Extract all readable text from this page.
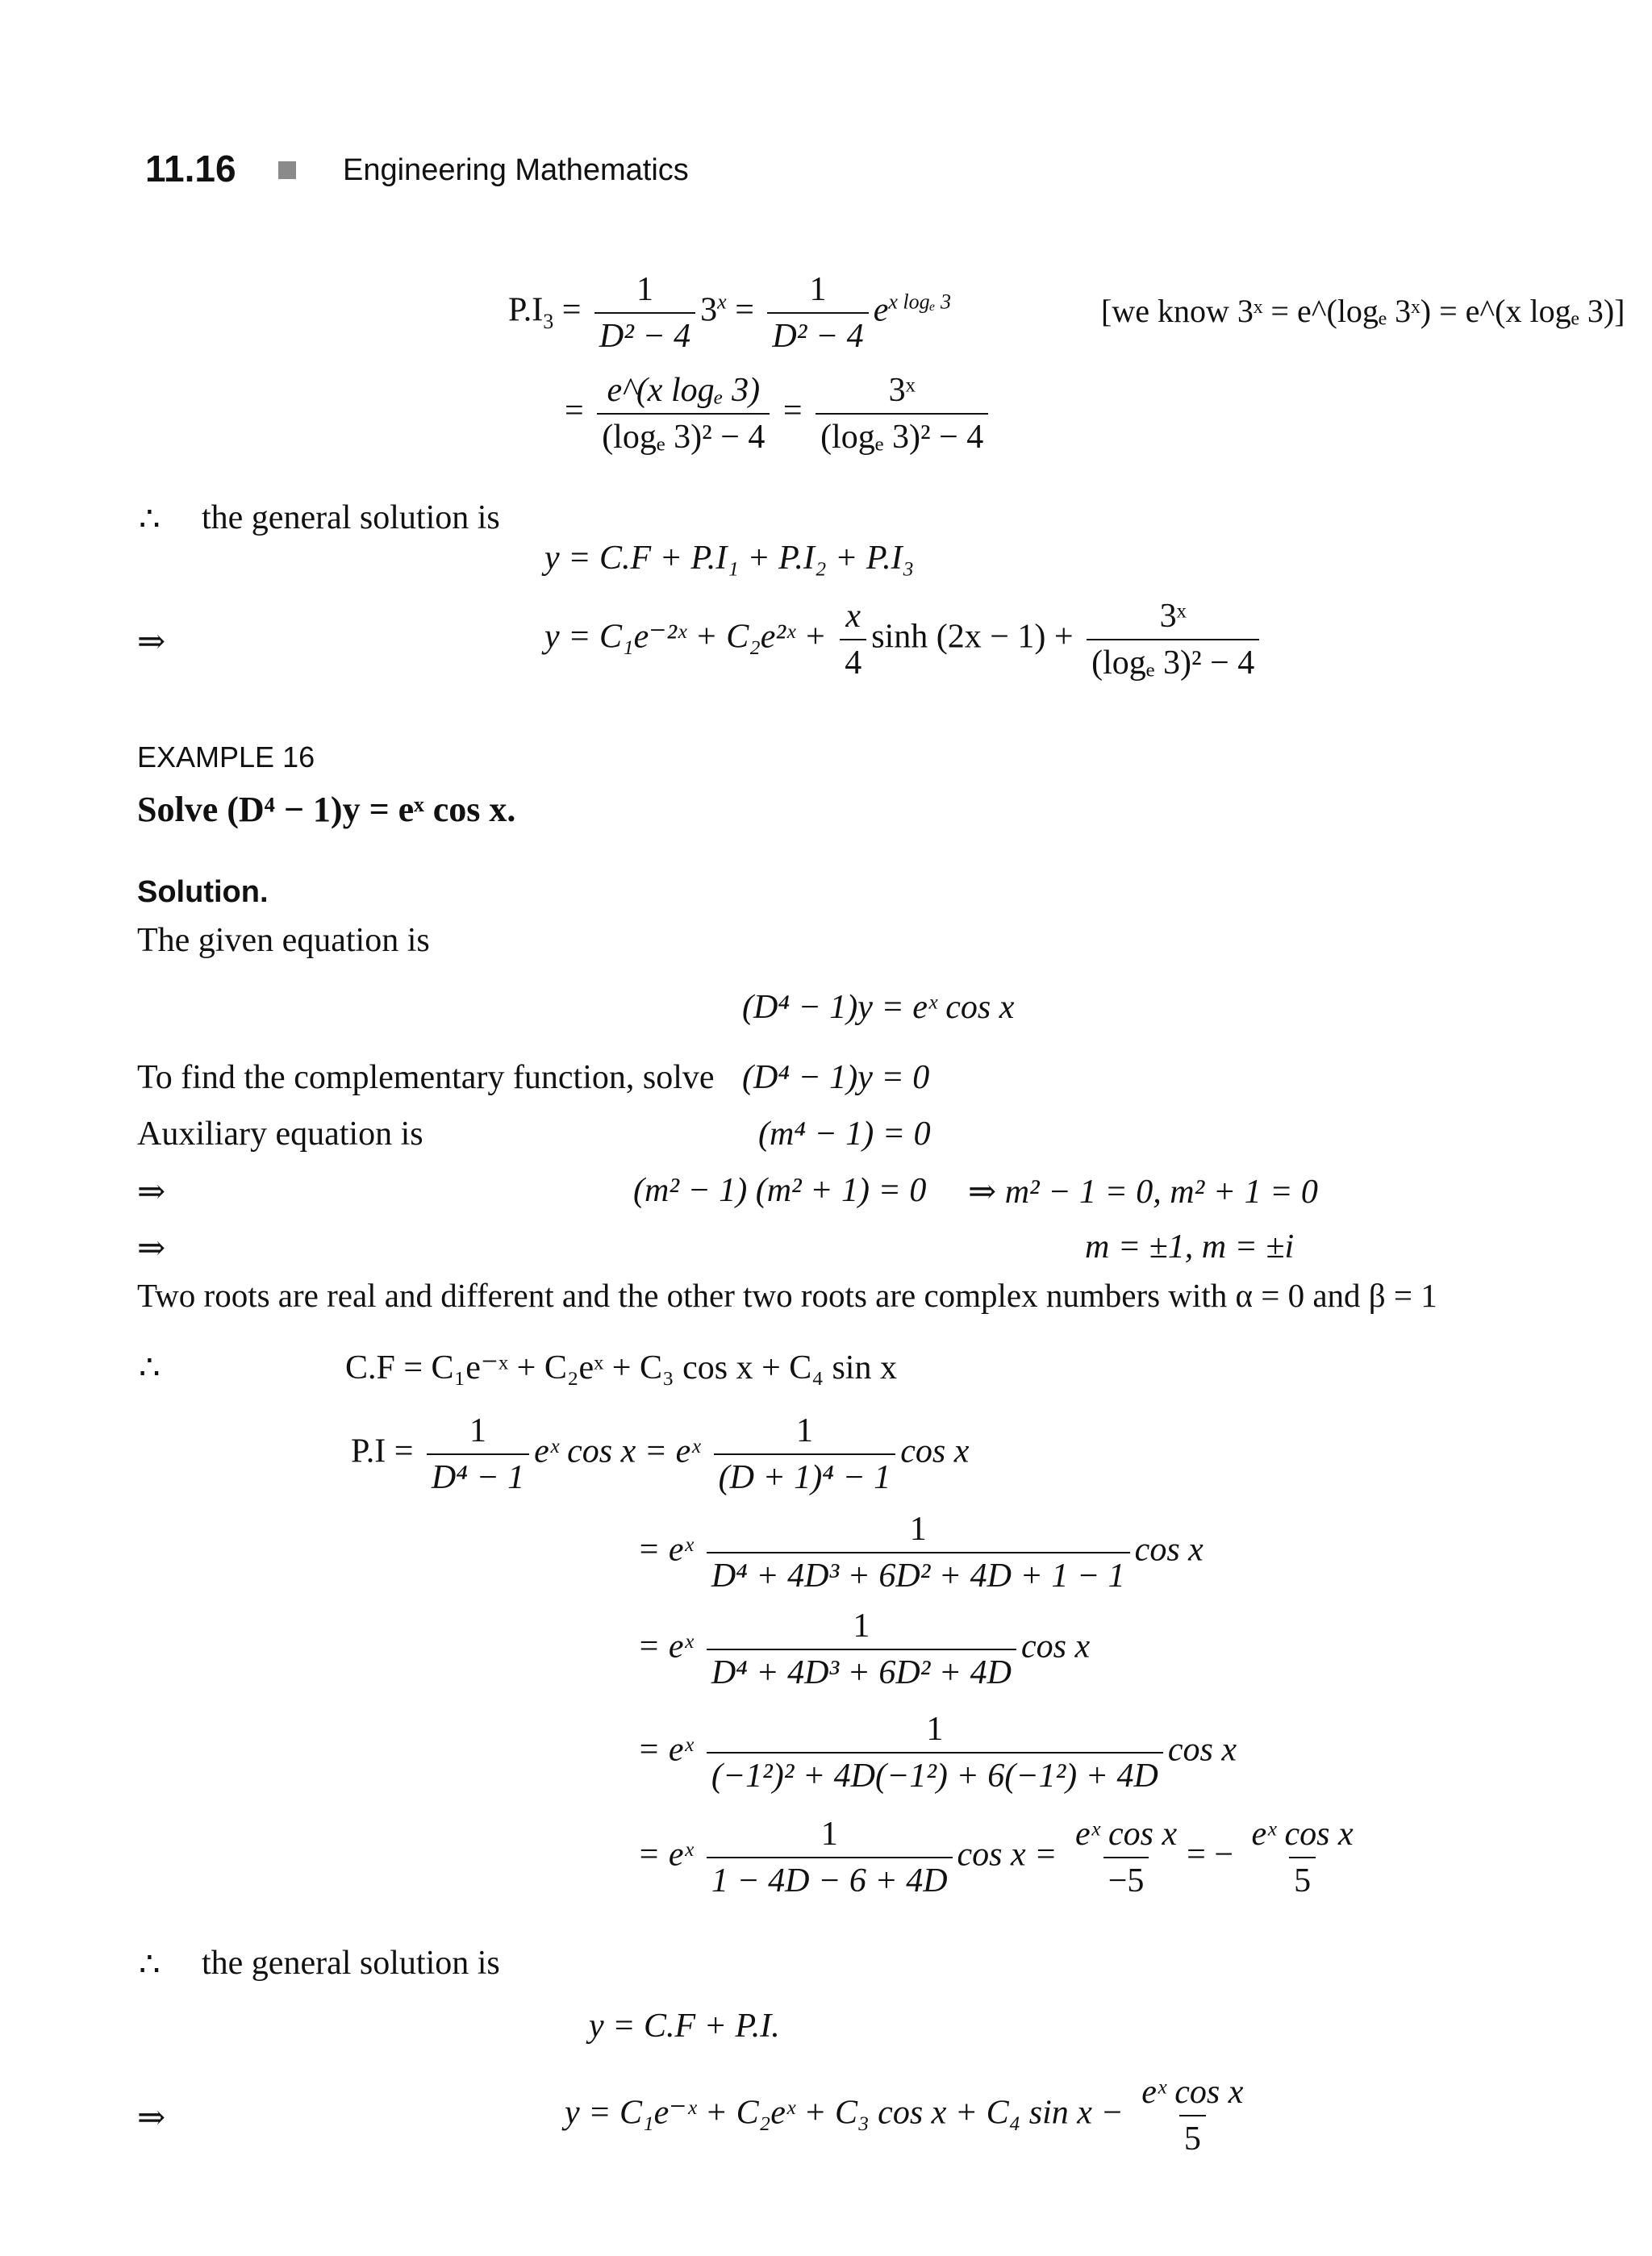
11.16	Engineering Mathematics
$P.I_3 = \frac{1}{\text{D² − 4}} 3^x = \frac{1}{\text{D² − 4}} e^{x log_e 3}$	[we know 3ˣ = e^(logₑ 3ˣ) = e^(x logₑ 3)]
= $\frac{\text{e\textasciicircum{}(x logₑ 3)}}{\text{(logₑ 3)² − 4}} = \frac{\text{3ˣ}}{\text{(logₑ 3)² − 4}}$
∴ the general solution is
y = C.F + P.I₁ + P.I₂ + P.I₃
⇒	y = C₁e⁻²ˣ + C₂e²ˣ + $\frac{x}{4}$ $\sinh (2x - 1) + \frac{\text{3ˣ}}{\text{(logₑ 3)² − 4}}$
EXAMPLE 16
Solve (D⁴ − 1)y = eˣ cos x.
Solution.
The given equation is
(D⁴ − 1)y = eˣ cos x
To find the complementary function, solve (D⁴ − 1)y = 0
Auxiliary equation is	(m⁴ − 1) = 0
⇒	(m² − 1) (m² + 1) = 0 ⇒ m² − 1 = 0, m² + 1 = 0
⇒	m = ±1, m = ±i
Two roots are real and different and the other two roots are complex numbers with α = 0 and β = 1
∴	C.F = C₁e⁻ˣ + C₂eˣ + C₃ cos x + C₄ sin x
$P.I = \frac{1}{\text{D⁴ − 1}}$ eˣ cos x = eˣ $\frac{1}{\text{(D + 1)⁴ − 1}}$ cos x
= eˣ $\frac{1}{\text{D⁴ + 4D³ + 6D² + 4D + 1 − 1}}$ cos x
= eˣ $\frac{1}{\text{D⁴ + 4D³ + 6D² + 4D}}$ cos x
= eˣ $\frac{1}{\text{(−1²)² + 4D(−1²) + 6(−1²) + 4D}}$ cos x
= eˣ $\frac{1}{1 - 4D - 6 + 4D}$ $\cos x = \frac{\text{eˣ cos x}}{-5}$ = − $\frac{\text{eˣ cos x}}{5}$
∴ the general solution is
y = C.F + P.I.
⇒	y = C₁e⁻ˣ + C₂eˣ + C₃ cos x + C₄ $\sin x - \frac{\text{eˣ cos x}}{5}$
